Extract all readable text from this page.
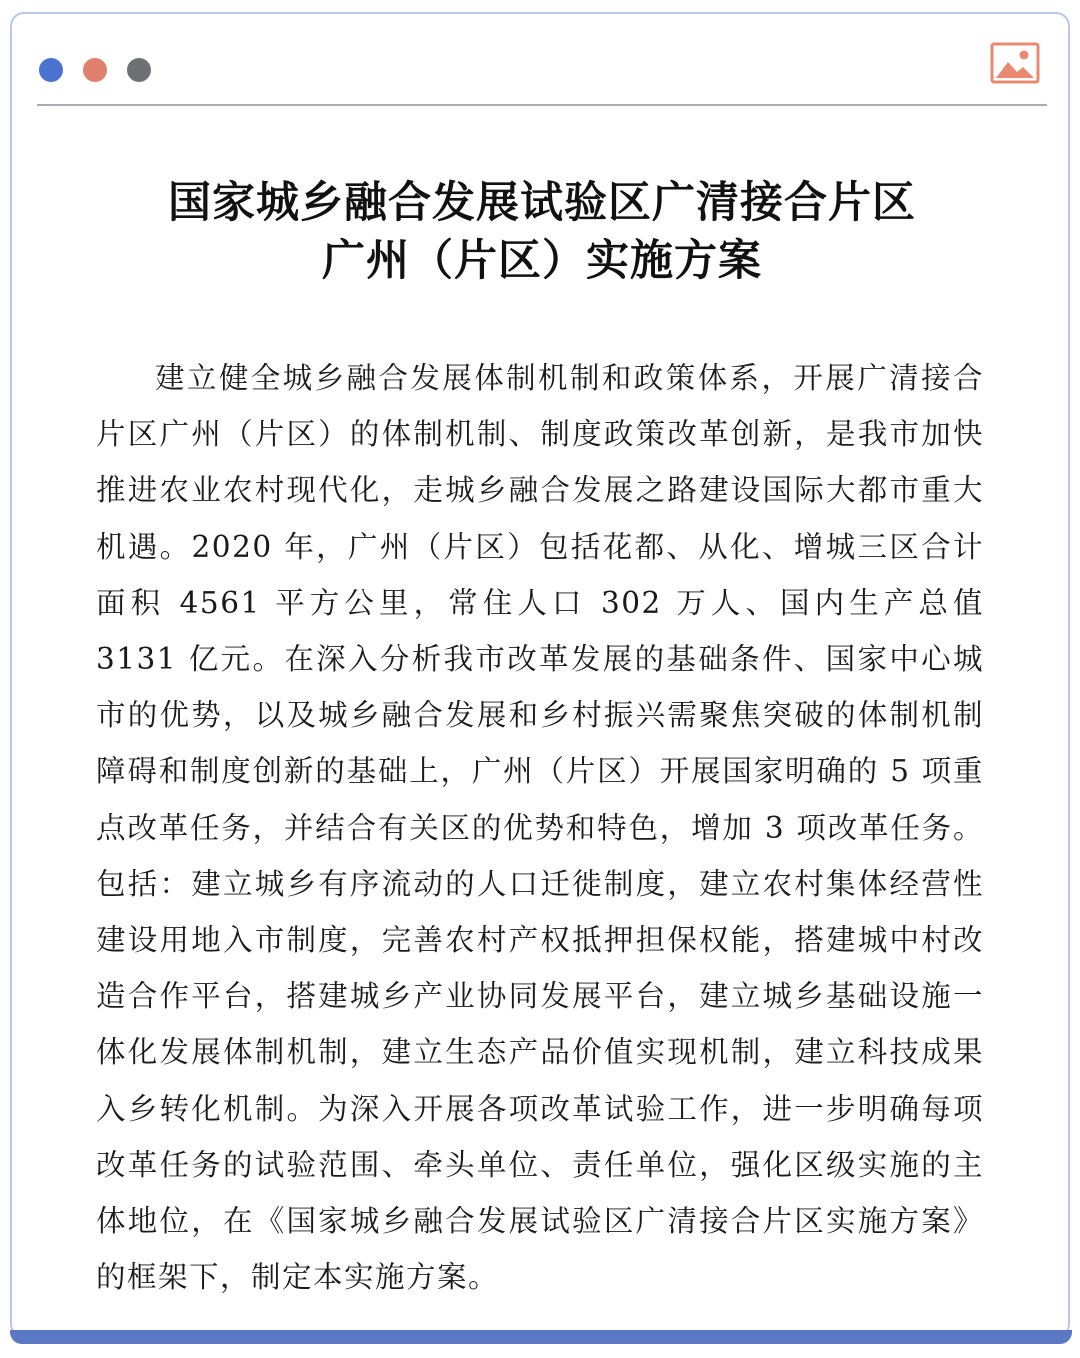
国家城乡融合发展试验区广清接合片区
广州（片区）实施方案

建立健全城乡融合发展体制机制和政策体系，开展广清接合片区广州（片区）的体制机制、制度政策改革创新，是我市加快推进农业农村现代化，走城乡融合发展之路建设国际大都市重大机遇。2020 年，广州（片区）包括花都、从化、增城三区合计面积 4561 平方公里，常住人口 302 万人、国内生产总值 3131 亿元。在深入分析我市改革发展的基础条件、国家中心城市的优势，以及城乡融合发展和乡村振兴需聚焦突破的体制机制障碍和制度创新的基础上，广州（片区）开展国家明确的 5 项重点改革任务，并结合有关区的优势和特色，增加 3 项改革任务。包括：建立城乡有序流动的人口迁徙制度，建立农村集体经营性建设用地入市制度，完善农村产权抵押担保权能，搭建城中村改造合作平台，搭建城乡产业协同发展平台，建立城乡基础设施一体化发展体制机制，建立生态产品价值实现机制，建立科技成果入乡转化机制。为深入开展各项改革试验工作，进一步明确每项改革任务的试验范围、牵头单位、责任单位，强化区级实施的主体地位，在《国家城乡融合发展试验区广清接合片区实施方案》的框架下，制定本实施方案。
